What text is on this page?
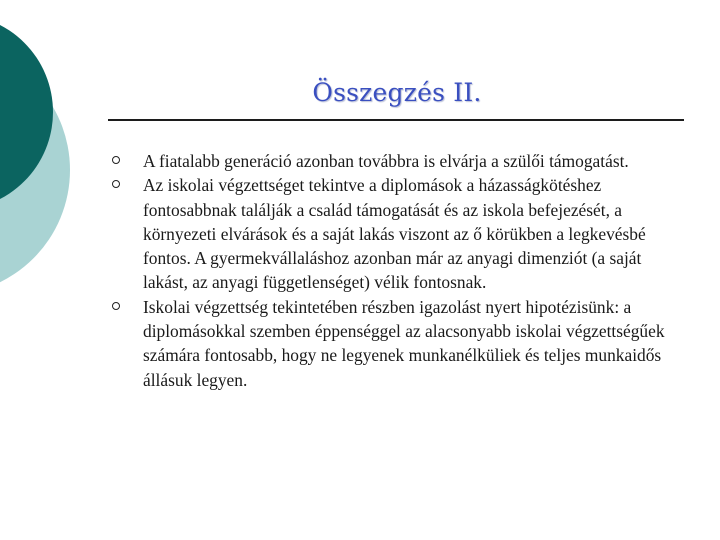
Összegzés II.
A fiatalabb generáció azonban továbbra is elvárja a szülői támogatást.
Az iskolai végzettséget tekintve a diplomások a házasságkötéshez fontosabbnak találják a család támogatását és az iskola befejezését, a környezeti elvárások és a saját lakás viszont az ő körükben a legkevésbé fontos. A gyermekvállaláshoz azonban már az anyagi dimenziót (a saját lakást, az anyagi függetlenséget) vélik fontosnak.
Iskolai végzettség tekintetében részben igazolást nyert hipotézisünk: a diplomásokkal szemben éppenséggel az alacsonyabb iskolai végzettségűek számára fontosabb, hogy ne legyenek munkanélküliek és teljes munkaidős állásuk legyen.
